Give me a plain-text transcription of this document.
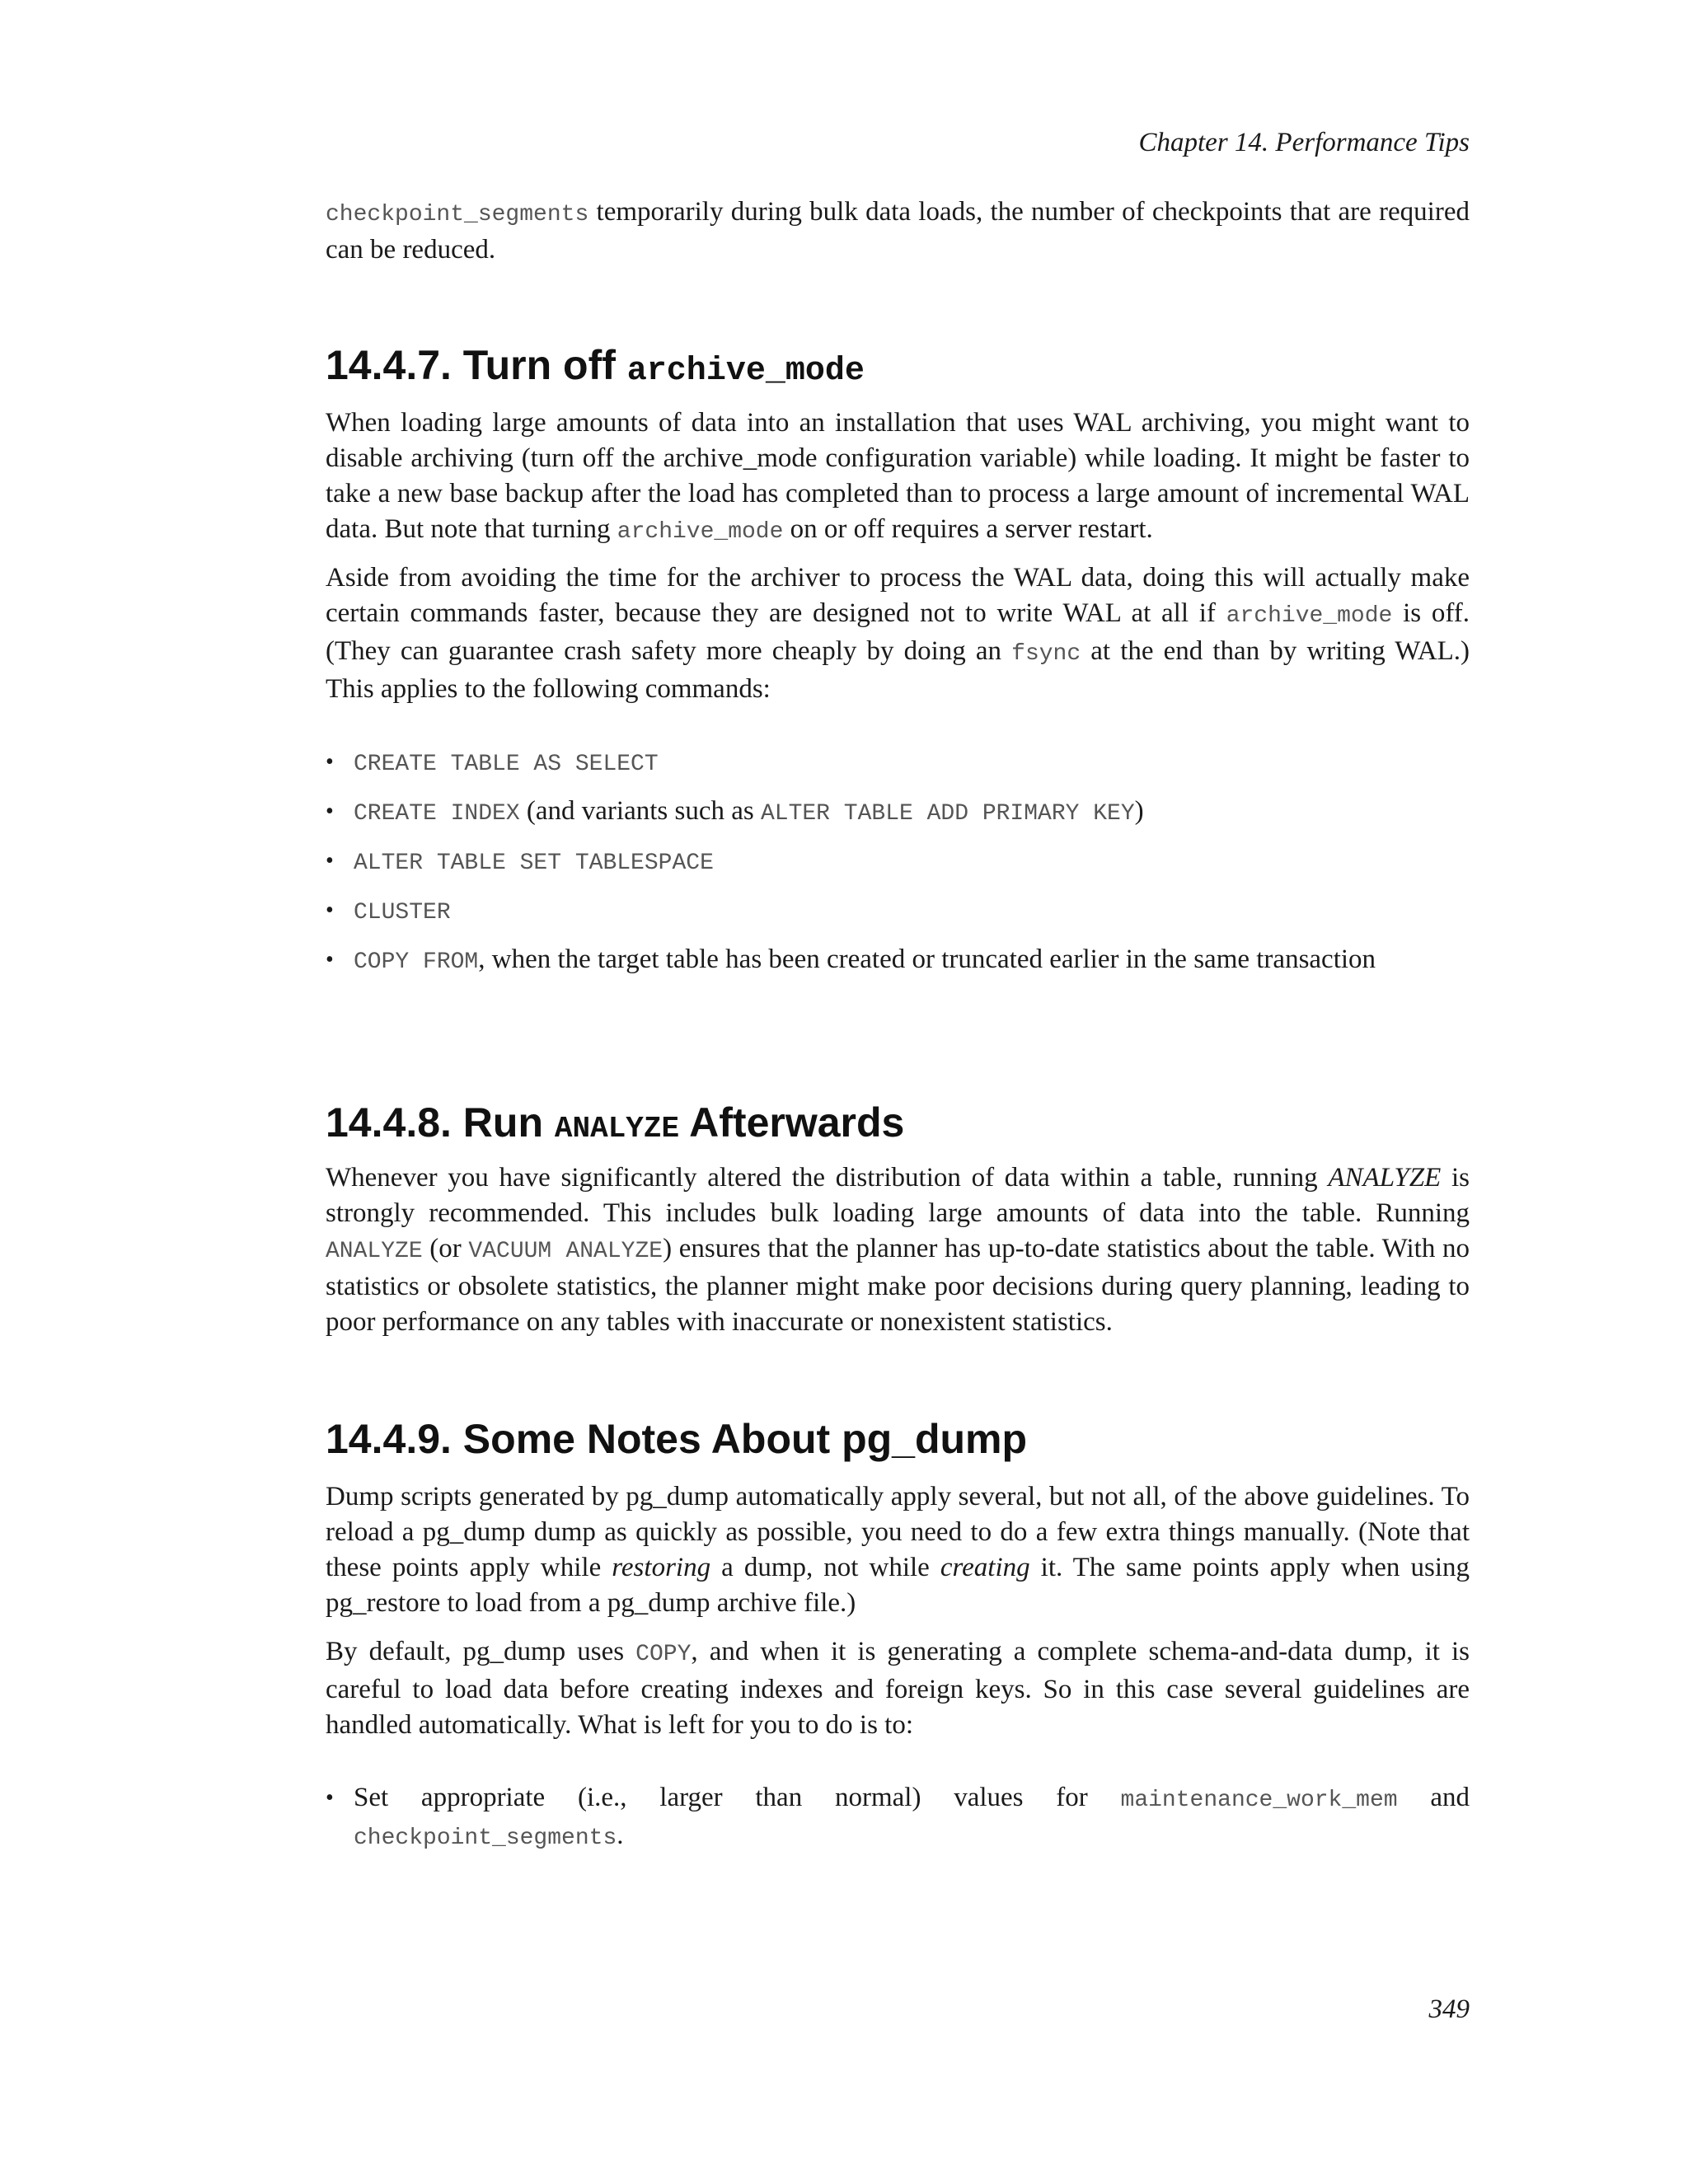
Chapter 14. Performance Tips

checkpoint_segments temporarily during bulk data loads, the number of checkpoints that are required can be reduced.

14.4.7. Turn off archive_mode

When loading large amounts of data into an installation that uses WAL archiving, you might want to disable archiving (turn off the archive_mode configuration variable) while loading. It might be faster to take a new base backup after the load has completed than to process a large amount of incremental WAL data. But note that turning archive_mode on or off requires a server restart.

Aside from avoiding the time for the archiver to process the WAL data, doing this will actually make certain commands faster, because they are designed not to write WAL at all if archive_mode is off. (They can guarantee crash safety more cheaply by doing an fsync at the end than by writing WAL.) This applies to the following commands:

• CREATE TABLE AS SELECT
• CREATE INDEX (and variants such as ALTER TABLE ADD PRIMARY KEY)
• ALTER TABLE SET TABLESPACE
• CLUSTER
• COPY FROM, when the target table has been created or truncated earlier in the same transaction
14.4.8. Run ANALYZE Afterwards

Whenever you have significantly altered the distribution of data within a table, running ANALYZE is strongly recommended. This includes bulk loading large amounts of data into the table. Running ANALYZE (or VACUUM ANALYZE) ensures that the planner has up-to-date statistics about the table. With no statistics or obsolete statistics, the planner might make poor decisions during query planning, leading to poor performance on any tables with inaccurate or nonexistent statistics.

14.4.9. Some Notes About pg_dump

Dump scripts generated by pg_dump automatically apply several, but not all, of the above guidelines. To reload a pg_dump dump as quickly as possible, you need to do a few extra things manually. (Note that these points apply while restoring a dump, not while creating it. The same points apply when using pg_restore to load from a pg_dump archive file.)

By default, pg_dump uses COPY, and when it is generating a complete schema-and-data dump, it is careful to load data before creating indexes and foreign keys. So in this case several guidelines are handled automatically. What is left for you to do is to:

• Set appropriate (i.e., larger than normal) values for maintenance_work_mem and checkpoint_segments.
349
